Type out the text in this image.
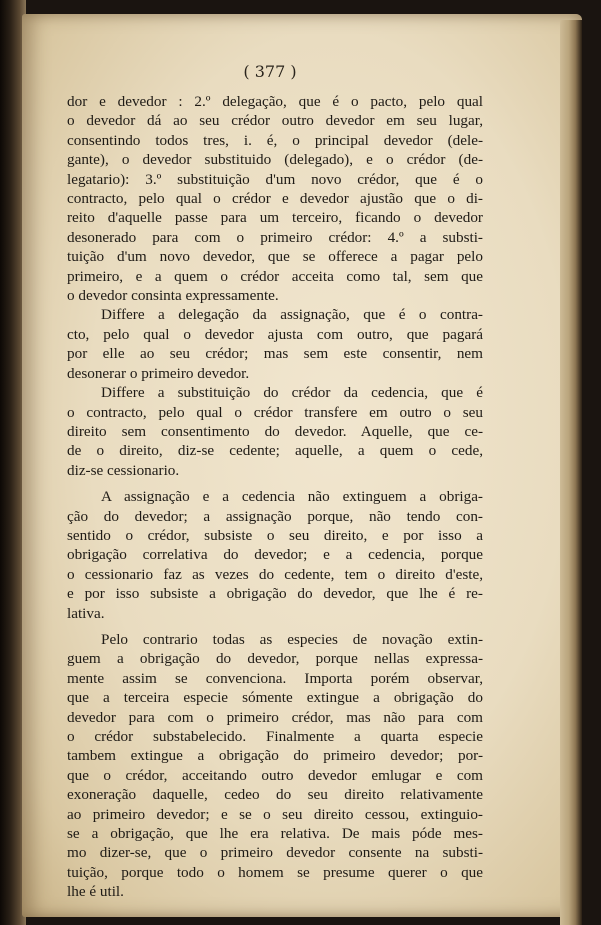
( 377 )

dor e devedor : 2.º delegação, que é o pacto, pelo qual
o devedor dá ao seu crédor outro devedor em seu lugar,
consentindo todos tres, i. é, o principal devedor (dele-
gante), o devedor substituido (delegado), e o crédor (de-
legatario): 3.º substituição d'um novo crédor, que é o
contracto, pelo qual o crédor e devedor ajustão que o di-
reito d'aquelle passe para um terceiro, ficando o devedor
desonerado para com o primeiro crédor: 4.º a substi-
tuição d'um novo devedor, que se offerece a pagar pelo
primeiro, e a quem o crédor acceita como tal, sem que
o devedor consinta expressamente.

Differe a delegação da assignação, que é o contra-
cto, pelo qual o devedor ajusta com outro, que pagará
por elle ao seu crédor; mas sem este consentir, nem
desonerar o primeiro devedor.

Differe a substituição do crédor da cedencia, que é
o contracto, pelo qual o crédor transfere em outro o seu
direito sem consentimento do devedor. Aquelle, que ce-
de o direito, diz-se cedente; aquelle, a quem o cede,
diz-se cessionario.

A assignação e a cedencia não extinguem a obriga-
ção do devedor; a assignação porque, não tendo con-
sentido o crédor, subsiste o seu direito, e por isso a
obrigação correlativa do devedor; e a cedencia, porque
o cessionario faz as vezes do cedente, tem o direito d'este,
e por isso subsiste a obrigação do devedor, que lhe é re-
lativa.

Pelo contrario todas as especies de novação extin-
guem a obrigação do devedor, porque nellas expressa-
mente assim se convenciona. Importa porém observar,
que a terceira especie sómente extingue a obrigação do
devedor para com o primeiro crédor, mas não para com
o crédor substabelecido. Finalmente a quarta especie
tambem extingue a obrigação do primeiro devedor; por-
que o crédor, acceitando outro devedor emlugar e com
exoneração daquelle, cedeo do seu direito relativamente
ao primeiro devedor; e se o seu direito cessou, extinguio-
se a obrigação, que lhe era relativa. De mais póde mes-
mo dizer-se, que o primeiro devedor consente na substi-
tuição, porque todo o homem se presume querer o que
lhe é util.
